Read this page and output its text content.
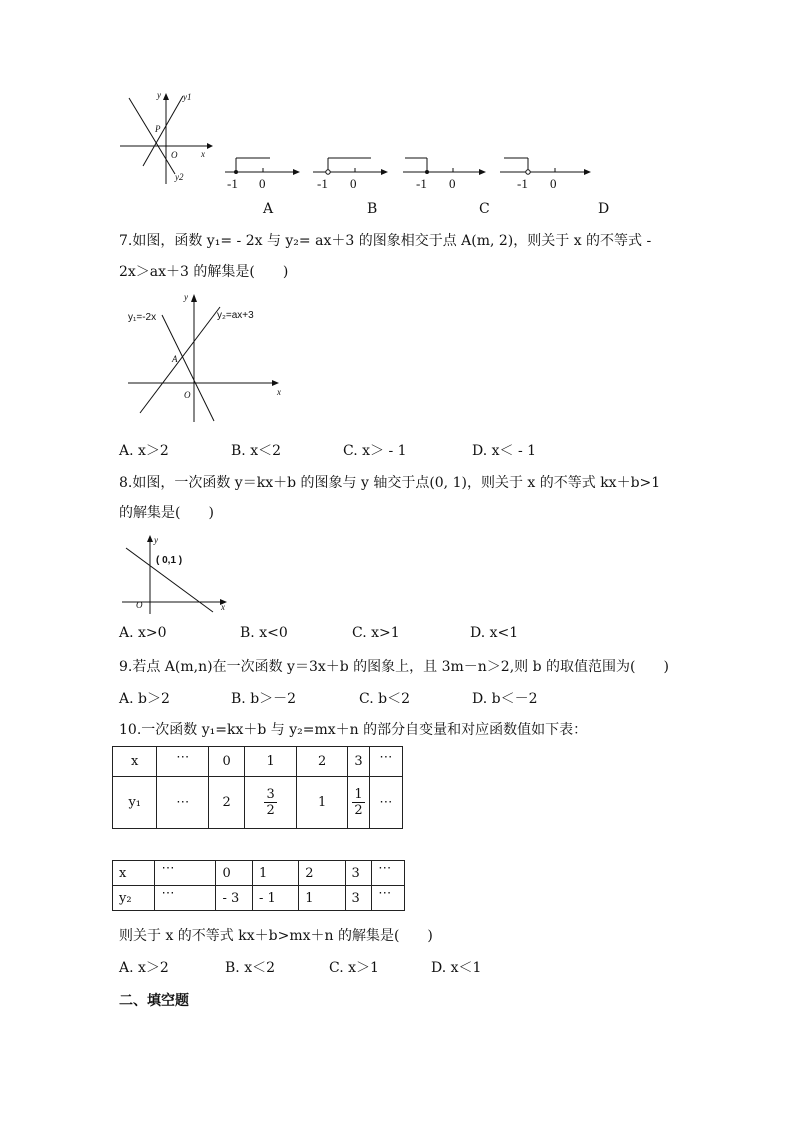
y y1
P
O	x
y2	-1 0	-1 0	-1 0	-1 0
A	B	C	D
7.如图，函数 y₁= - 2x 与 y₂= ax＋3 的图象相交于点 A(m, 2)，则关于 x 的不等式 -
2x＞ax＋3 的解集是(　　)
y₁=-2x	y₂=ax+3
y
A
O	x
A. x＞2	B. x＜2	C. x＞ - 1	D. x＜ - 1
8.如图，一次函数 y＝kx＋b 的图象与 y 轴交于点(0, 1)，则关于 x 的不等式 kx＋b>1
的解集是(　　)
y
( 0,1 )
O	x
A. x>0	B. x<0	C. x>1	D. x<1
9.若点 A(m,n)在一次函数 y＝3x＋b 的图象上，且 3m－n＞2,则 b 的取值范围为(　　)
A. b＞2	B. b＞－2	C. b＜2	D. b＜－2
10.一次函数 y₁=kx＋b 与 y₂=mx＋n 的部分自变量和对应函数值如下表：
x	⋯	0	1	2	3	⋯
y₁	⋯	2	$\frac{3}{2}$	1	$\frac{1}{2}$	⋯
x	⋯	0	1	2	3	⋯
y₂	⋯	- 3	- 1	1	3	⋯
则关于 x 的不等式 kx＋b>mx＋n 的解集是(　　)
A. x＞2	B. x＜2	C. x＞1	D. x＜1
二、填空题
